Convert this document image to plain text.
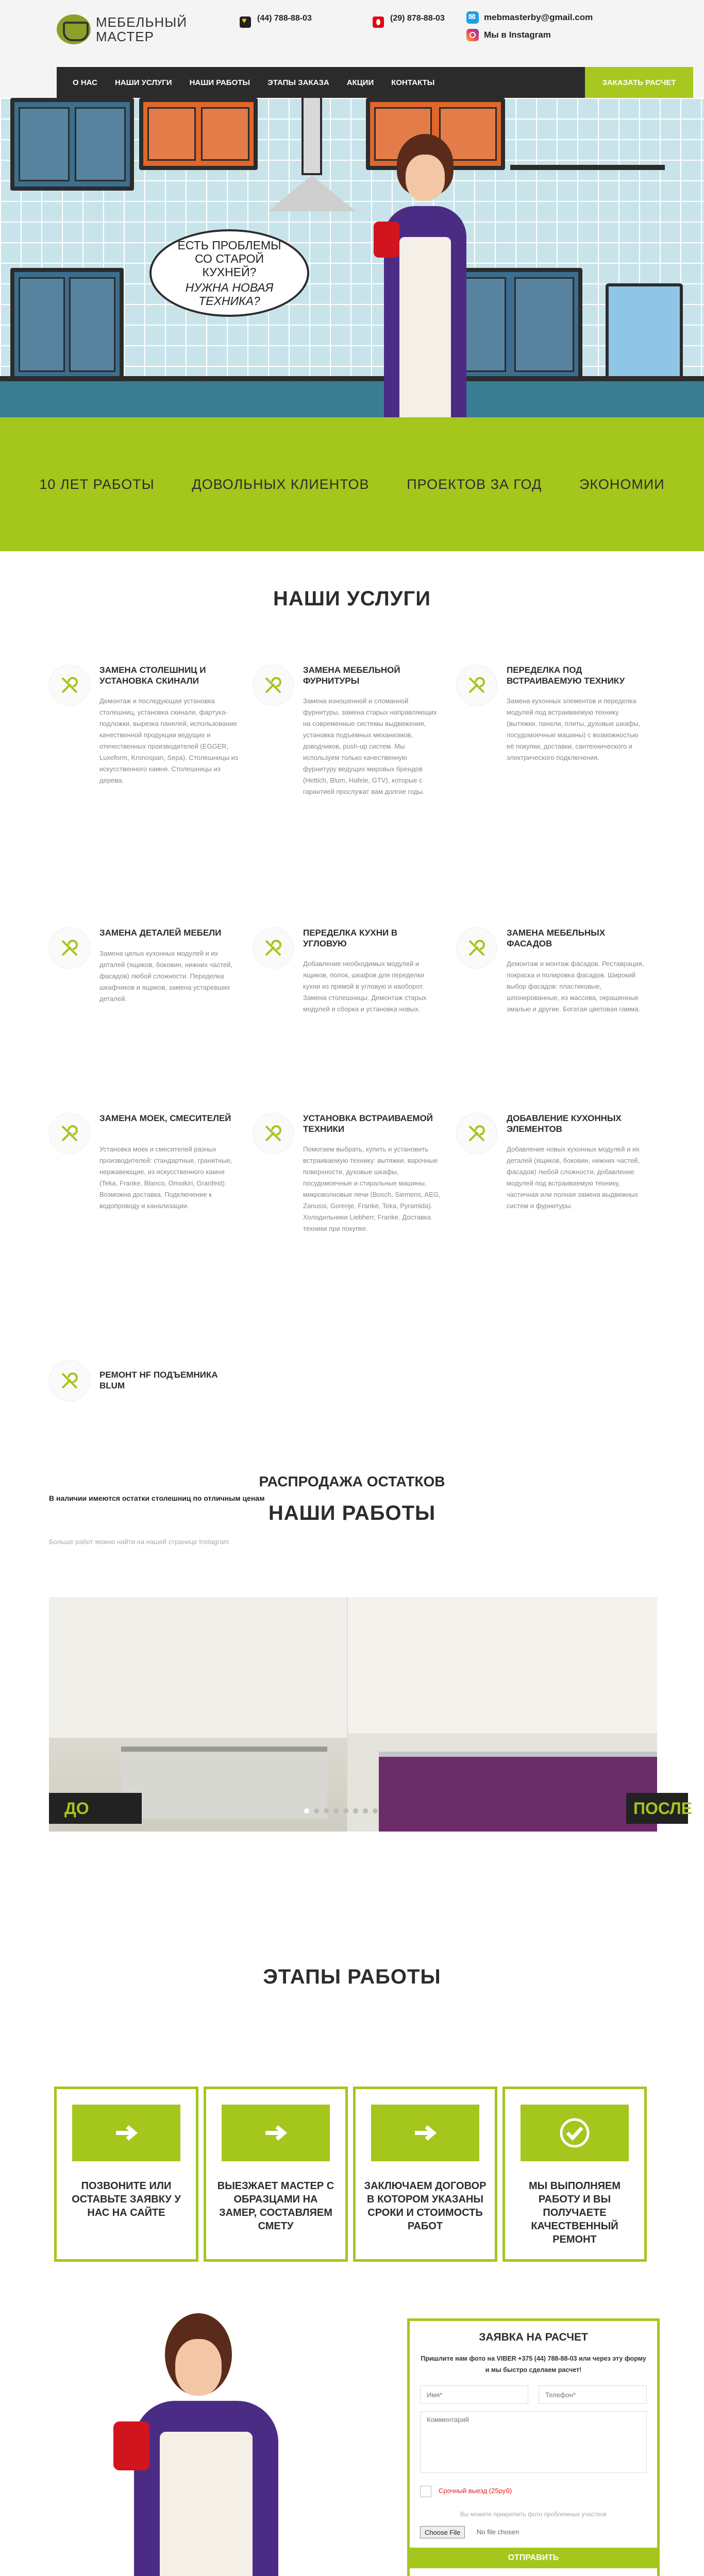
МЕБЕЛЬНЫЙ МАСТЕР
♥
(44) 788-88-03	(29) 878-88-03
✉	mebmasterby@gmail.com
Мы в Instagram
О НАС	НАШИ УСЛУГИ	НАШИ РАБОТЫ	ЭТАПЫ ЗАКАЗА	АКЦИИ	КОНТАКТЫ	ЗАКАЗАТЬ РАСЧЕТ
ЕСТЬ ПРОБЛЕМЫ СО СТАРОЙ КУХНЕЙ?
НУЖНА НОВАЯ ТЕХНИКА?
10 ЛЕТ РАБОТЫ	ДОВОЛЬНЫХ КЛИЕНТОВ	ПРОЕКТОВ ЗА ГОД	ЭКОНОМИИ
НАШИ УСЛУГИ
ЗАМЕНА СТОЛЕШНИЦ И УСТАНОВКА СКИНАЛИ
Демонтаж и последующая установка столешниц, установка скинали, фартука-подложки, вырезка панелей, использование качественной продукции ведущих и отечественных производителей (EGGER, Luxeform, Kronospan, Sepa). Столешницы из искусственного камня. Столешницы из дерева.
ЗАМЕНА МЕБЕЛЬНОЙ ФУРНИТУРЫ
Замена изношенной и сломанной фурнитуры, замена старых направляющих на современные системы выдвижения, установка подъемных механизмов, доводчиков, push-up систем. Мы используем только качественную фурнитуру ведущих мировых брендов (Hettich, Blum, Hafele, GTV), которые с гарантией прослужат вам долгие годы.
ПЕРЕДЕЛКА ПОД ВСТРАИВАЕМУЮ ТЕХНИКУ
Замена кухонных элементов и переделка модулей под встраиваемую технику (вытяжки, панели, плиты, духовые шкафы, посудомоечные машины) с возможностью её покупки, доставки, сантехнического и электрического подключения.
ЗАМЕНА ДЕТАЛЕЙ МЕБЕЛИ
Замена целых кухонных модулей и их деталей (ящиков, боковин, нижних частей, фасадов) любой сложности. Переделка шкафчиков и ящиков, замена устаревших деталей.
ПЕРЕДЕЛКА КУХНИ В УГЛОВУЮ
Добавление необходимых модулей и ящиков, полок, шкафов для переделки кухни из прямой в угловую и наоборот. Замена столешницы. Демонтаж старых модулей и сборка и установка новых.
ЗАМЕНА МЕБЕЛЬНЫХ ФАСАДОВ
Демонтаж и монтаж фасадов. Реставрация, покраска и полировка фасадов. Широкий выбор фасадов: пластиковые, шпонированные, из массива, окрашенные эмалью и другие. Богатая цветовая гамма.
ЗАМЕНА МОЕК, СМЕСИТЕЛЕЙ
Установка моек и смесителей разных производителей: стандартные, гранитные, нержавеющие, из искусственного камня (Teka, Franke, Blanco, Omoikiri, Granfest). Возможна доставка. Подключение к водопроводу и канализации.
УСТАНОВКА ВСТРАИВАЕМОЙ ТЕХНИКИ
Помогаем выбрать, купить и установить встраиваемую технику: вытяжки, варочные поверхности, духовые шкафы, посудомоечные и стиральные машины, микроволновые печи (Bosch, Siemens, AEG, Zanussi, Gorenje, Franke, Teka, Pyramida). Холодильники Liebherr, Franke. Доставка техники при покупке.
ДОБАВЛЕНИЕ КУХОННЫХ ЭЛЕМЕНТОВ
Добавление новых кухонных модулей и их деталей (ящиков, боковин, нижних частей, фасадов) любой сложности, добавление модулей под встраиваемую технику, частичная или полная замена выдвижных систем и фурнитуры.
РЕМОНТ НF ПОДЪЕМНИКА BLUM
РАСПРОДАЖА ОСТАТКОВ
В наличии имеются остатки столешниц по отличным ценам
НАШИ РАБОТЫ
Больше работ можно найти на нашей странице Instagram
ДО	ПОСЛЕ
ЭТАПЫ РАБОТЫ
ПОЗВОНИТЕ ИЛИ ОСТАВЬТЕ ЗАЯВКУ У НАС НА САЙТЕ
ВЫЕЗЖАЕТ МАСТЕР С ОБРАЗЦАМИ НА ЗАМЕР, СОСТАВЛЯЕМ СМЕТУ
ЗАКЛЮЧАЕМ ДОГОВОР В КОТОРОМ УКАЗАНЫ СРОКИ И СТОИМОСТЬ РАБОТ
МЫ ВЫПОЛНЯЕМ РАБОТУ И ВЫ ПОЛУЧАЕТЕ КАЧЕСТВЕННЫЙ РЕМОНТ
ЗАЯВКА НА РАСЧЕТ
Пришлите нам фото на VIBER +375 (44) 788-88-03 или через эту форму и мы быстро сделаем расчет!
Имя*
Телефон*
Комментарий
Срочный выезд (25руб)
Вы можете прикрепить фото проблемных участков
Choose File	No file chosen
ОТПРАВИТЬ
